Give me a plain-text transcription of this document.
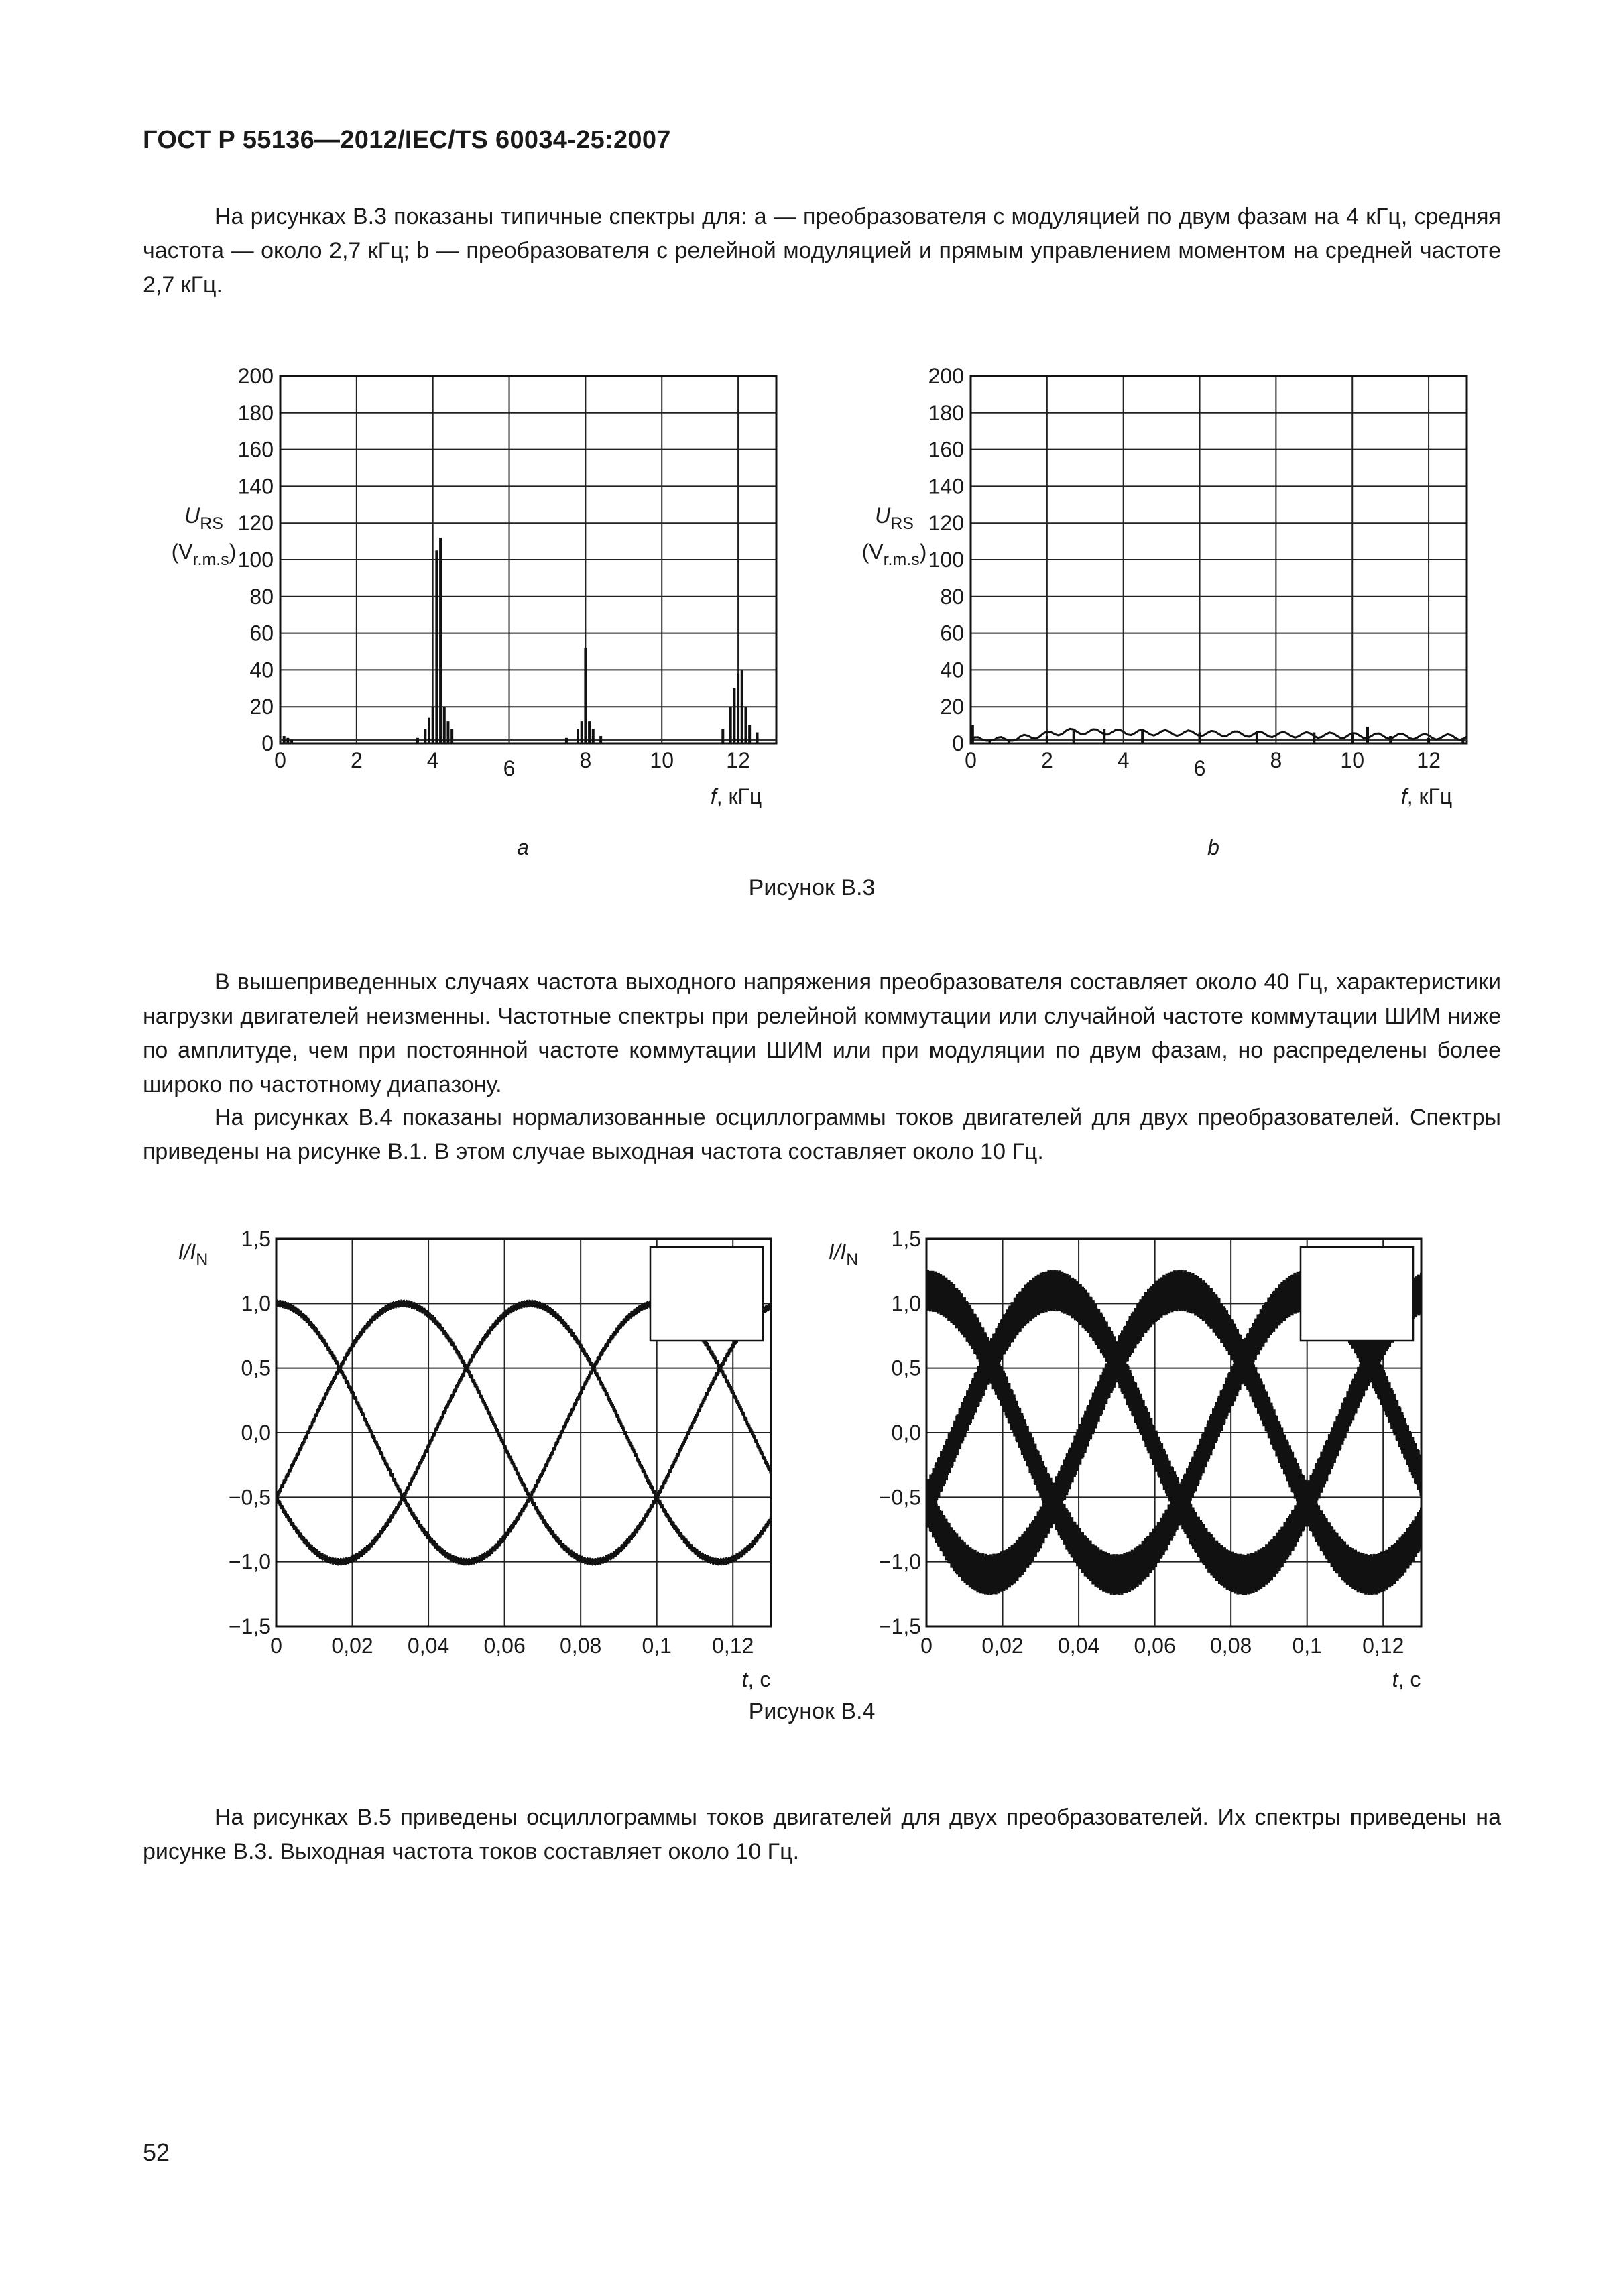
ГОСТ Р 55136—2012/IEC/TS 60034-25:2007

На рисунках В.3 показаны типичные спектры для: a — преобразователя с модуляцией по двум фазам на 4 кГц, средняя частота — около 2,7 кГц; b — преобразователя с релейной модуляцией и прямым управлением моментом на средней частоте 2,7 кГц.

0
20
40
60
80
100
120
140
160
180
200
0	2	4	6	8	10 12
$U_{RS}$
$(V_{r.m.s})$
f, кГц
a
0
20
40
60
80
100
120
140
160
180
200
0	2	4	6	8	10 12
$U_{RS}$
$(V_{r.m.s})$
f, кГц
b
Рисунок В.3

В вышеприведенных случаях частота выходного напряжения преобразователя составляет около 40 Гц, характеристики нагрузки двигателей неизменны. Частотные спектры при релейной коммутации или случайной частоте коммутации ШИМ ниже по амплитуде, чем при постоянной частоте коммутации ШИМ или при модуляции по двум фазам, но распределены более широко по частотному диапазону.

На рисунках В.4 показаны нормализованные осциллограммы токов двигателей для двух преобразователей. Спектры приведены на рисунке В.1. В этом случае выходная частота составляет около 10 Гц.

−1,5
−1,0
−0,5
0,0
0,5
1,0
1,5
0 0,02 0,04 0,06 0,08 0,1 0,12
$I/I_N$
t, с
−1,5
−1,0
−0,5
0,0
0,5
1,0
1,5
0 0,02 0,04 0,06 0,08 0,1 0,12
$I/I_N$
t, с
Рисунок В.4

На рисунках В.5 приведены осциллограммы токов двигателей для двух преобразователей. Их спектры приведены на рисунке В.3. Выходная частота токов составляет около 10 Гц.

52
